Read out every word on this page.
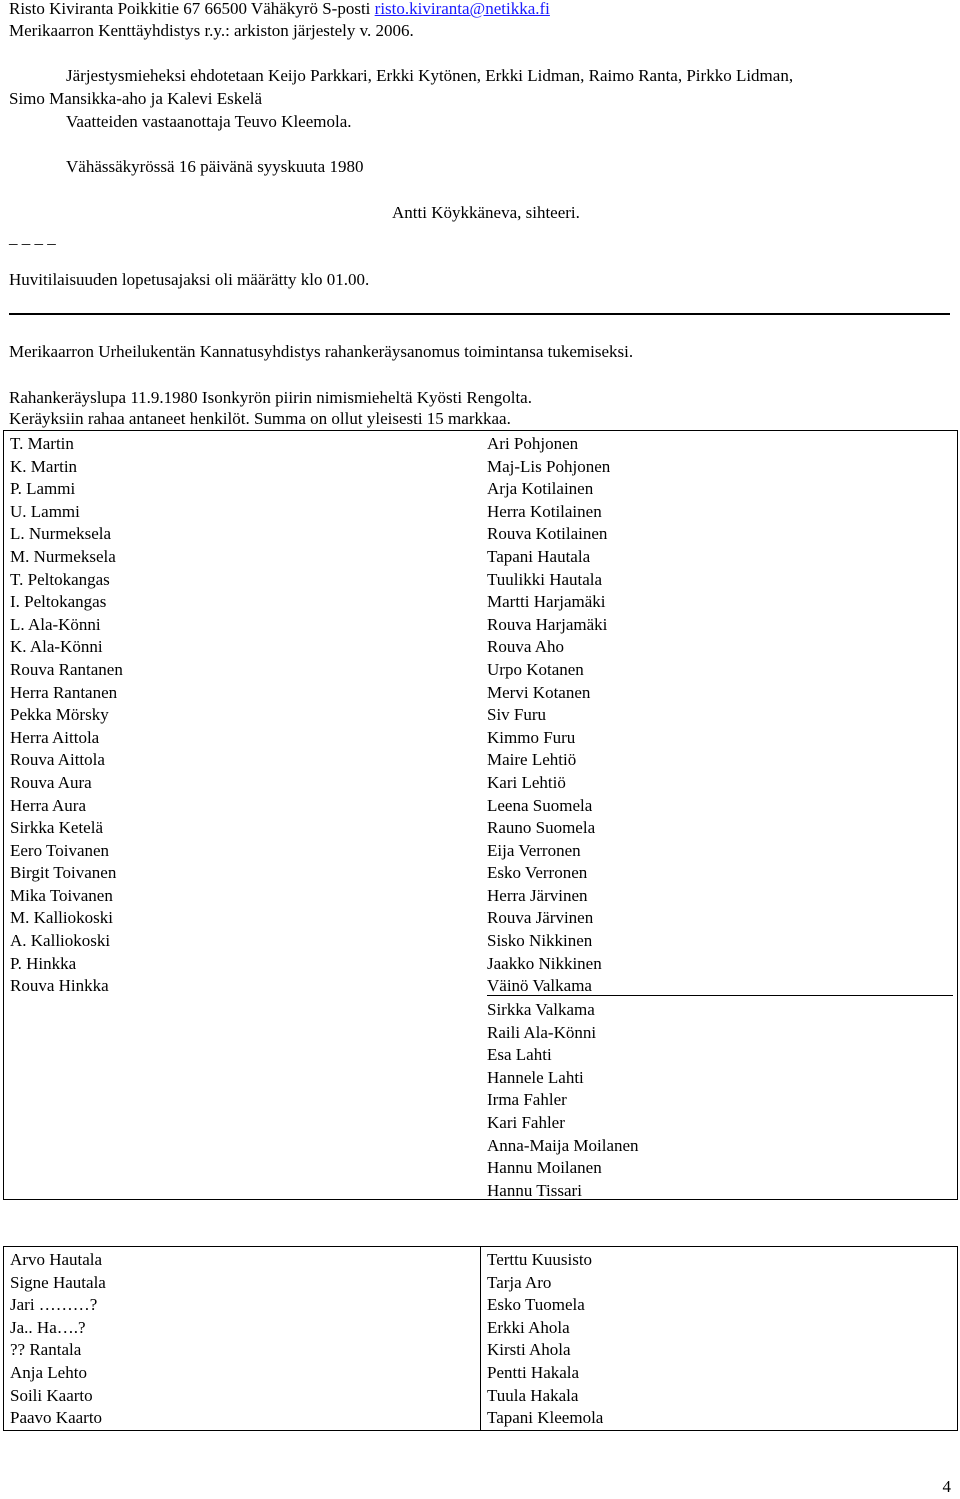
Risto Kiviranta Poikkitie 67 66500 Vähäkyrö S-posti risto.kiviranta@netikka.fi
Merikaarron Kenttäyhdistys r.y.: arkiston järjestely v. 2006.
Järjestysmieheksi ehdotetaan Keijo Parkkari, Erkki Kytönen, Erkki Lidman, Raimo Ranta, Pirkko Lidman,
Simo Mansikka-aho ja Kalevi Eskelä
Vaatteiden vastaanottaja Teuvo Kleemola.
Vähässäkyrössä 16 päivänä syyskuuta 1980
Antti Köykkäneva, sihteeri.
_ _ _ _
Huvitilaisuuden lopetusajaksi oli määrätty klo 01.00.
Merikaarron Urheilukentän Kannatusyhdistys rahankeräysanomus toimintansa tukemiseksi.
Rahankeräyslupa 11.9.1980 Isonkyrön piirin nimismieheltä Kyösti Rengolta.
Keräyksiin rahaa antaneet henkilöt. Summa on ollut yleisesti 15 markkaa.
T. Martin
K. Martin
P. Lammi
U. Lammi
L. Nurmeksela
M. Nurmeksela
T. Peltokangas
I. Peltokangas
L. Ala-Könni
K. Ala-Könni
Rouva Rantanen
Herra Rantanen
Pekka Mörsky
Herra Aittola
Rouva Aittola
Rouva Aura
Herra Aura
Sirkka Ketelä
Eero Toivanen
Birgit Toivanen
Mika Toivanen
M. Kalliokoski
A. Kalliokoski
P. Hinkka
Rouva Hinkka
Ari Pohjonen
Maj-Lis Pohjonen
Arja Kotilainen
Herra Kotilainen
Rouva Kotilainen
Tapani Hautala
Tuulikki Hautala
Martti Harjamäki
Rouva Harjamäki
Rouva Aho
Urpo Kotanen
Mervi Kotanen
Siv Furu
Kimmo Furu
Maire Lehtiö
Kari Lehtiö
Leena Suomela
Rauno Suomela
Eija Verronen
Esko Verronen
Herra Järvinen
Rouva Järvinen
Sisko Nikkinen
Jaakko Nikkinen
Väinö Valkama
Sirkka Valkama
Raili Ala-Könni
Esa Lahti
Hannele Lahti
Irma Fahler
Kari Fahler
Anna-Maija Moilanen
Hannu Moilanen
Hannu Tissari
Arvo Hautala
Signe Hautala
Jari ………?
Ja.. Ha….?
?? Rantala
Anja Lehto
Soili Kaarto
Paavo Kaarto
Terttu Kuusisto
Tarja Aro
Esko Tuomela
Erkki Ahola
Kirsti Ahola
Pentti Hakala
Tuula Hakala
Tapani Kleemola
4
